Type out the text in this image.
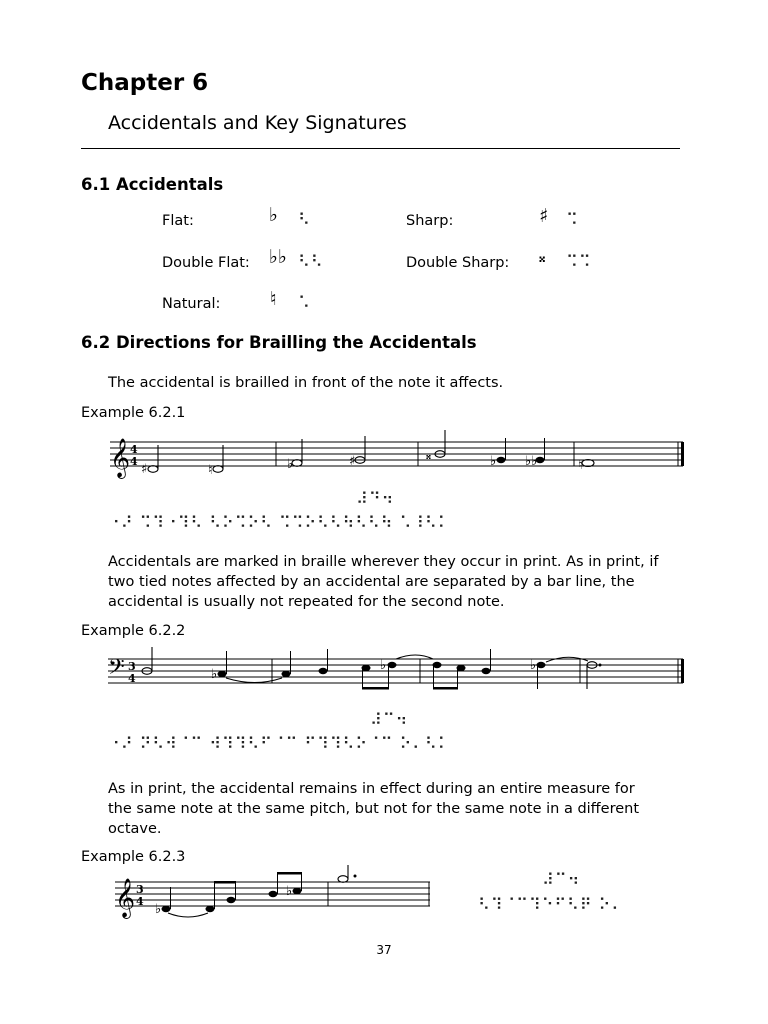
Chapter 6
Accidentals and Key Signatures
6.1 Accidentals
Flat:	♭ ⠣	Sharp:	♯ ⠩
Double Flat: ♭♭ ⠣⠣	Double Sharp: 𝄪 ⠩⠩
Natural:	♮ ⠡
6.2 Directions for Brailling the Accidentals
The accidental is brailled in front of the note it affects.
Example 6.2.1
𝄞 4
4
♯	♮	♭	♯	𝄪	♭ ♭♭	♮
⠼⠙⠲
⠐⠜ ⠩⠹⠐⠹⠣ ⠣⠕⠩⠕⠣ ⠩⠩⠕⠣⠣⠳⠣⠣⠳ ⠡⠸⠣⠅
Accidentals are marked in braille wherever they occur in print. As in print, if
two tied notes affected by an accidental are separated by a bar line, the
accidental is usually not repeated for the second note.
Example 6.2.2
𝄢 3
4	♭
♭	♭
⠼⠉⠲
⠐⠜ ⠝⠣⠺⠈⠉ ⠺⠹⠹⠣⠋⠈⠉ ⠋⠹⠹⠣⠕⠈⠉ ⠕⠄⠣⠅
As in print, the accidental remains in effect during an entire measure for
the same note at the same pitch, but not for the same note in a different
octave.
Example 6.2.3
𝄞 3
4
♭
♭
⠼⠉⠲
⠣⠹⠈⠉⠹⠑⠋⠣⠟ ⠕⠄
37
